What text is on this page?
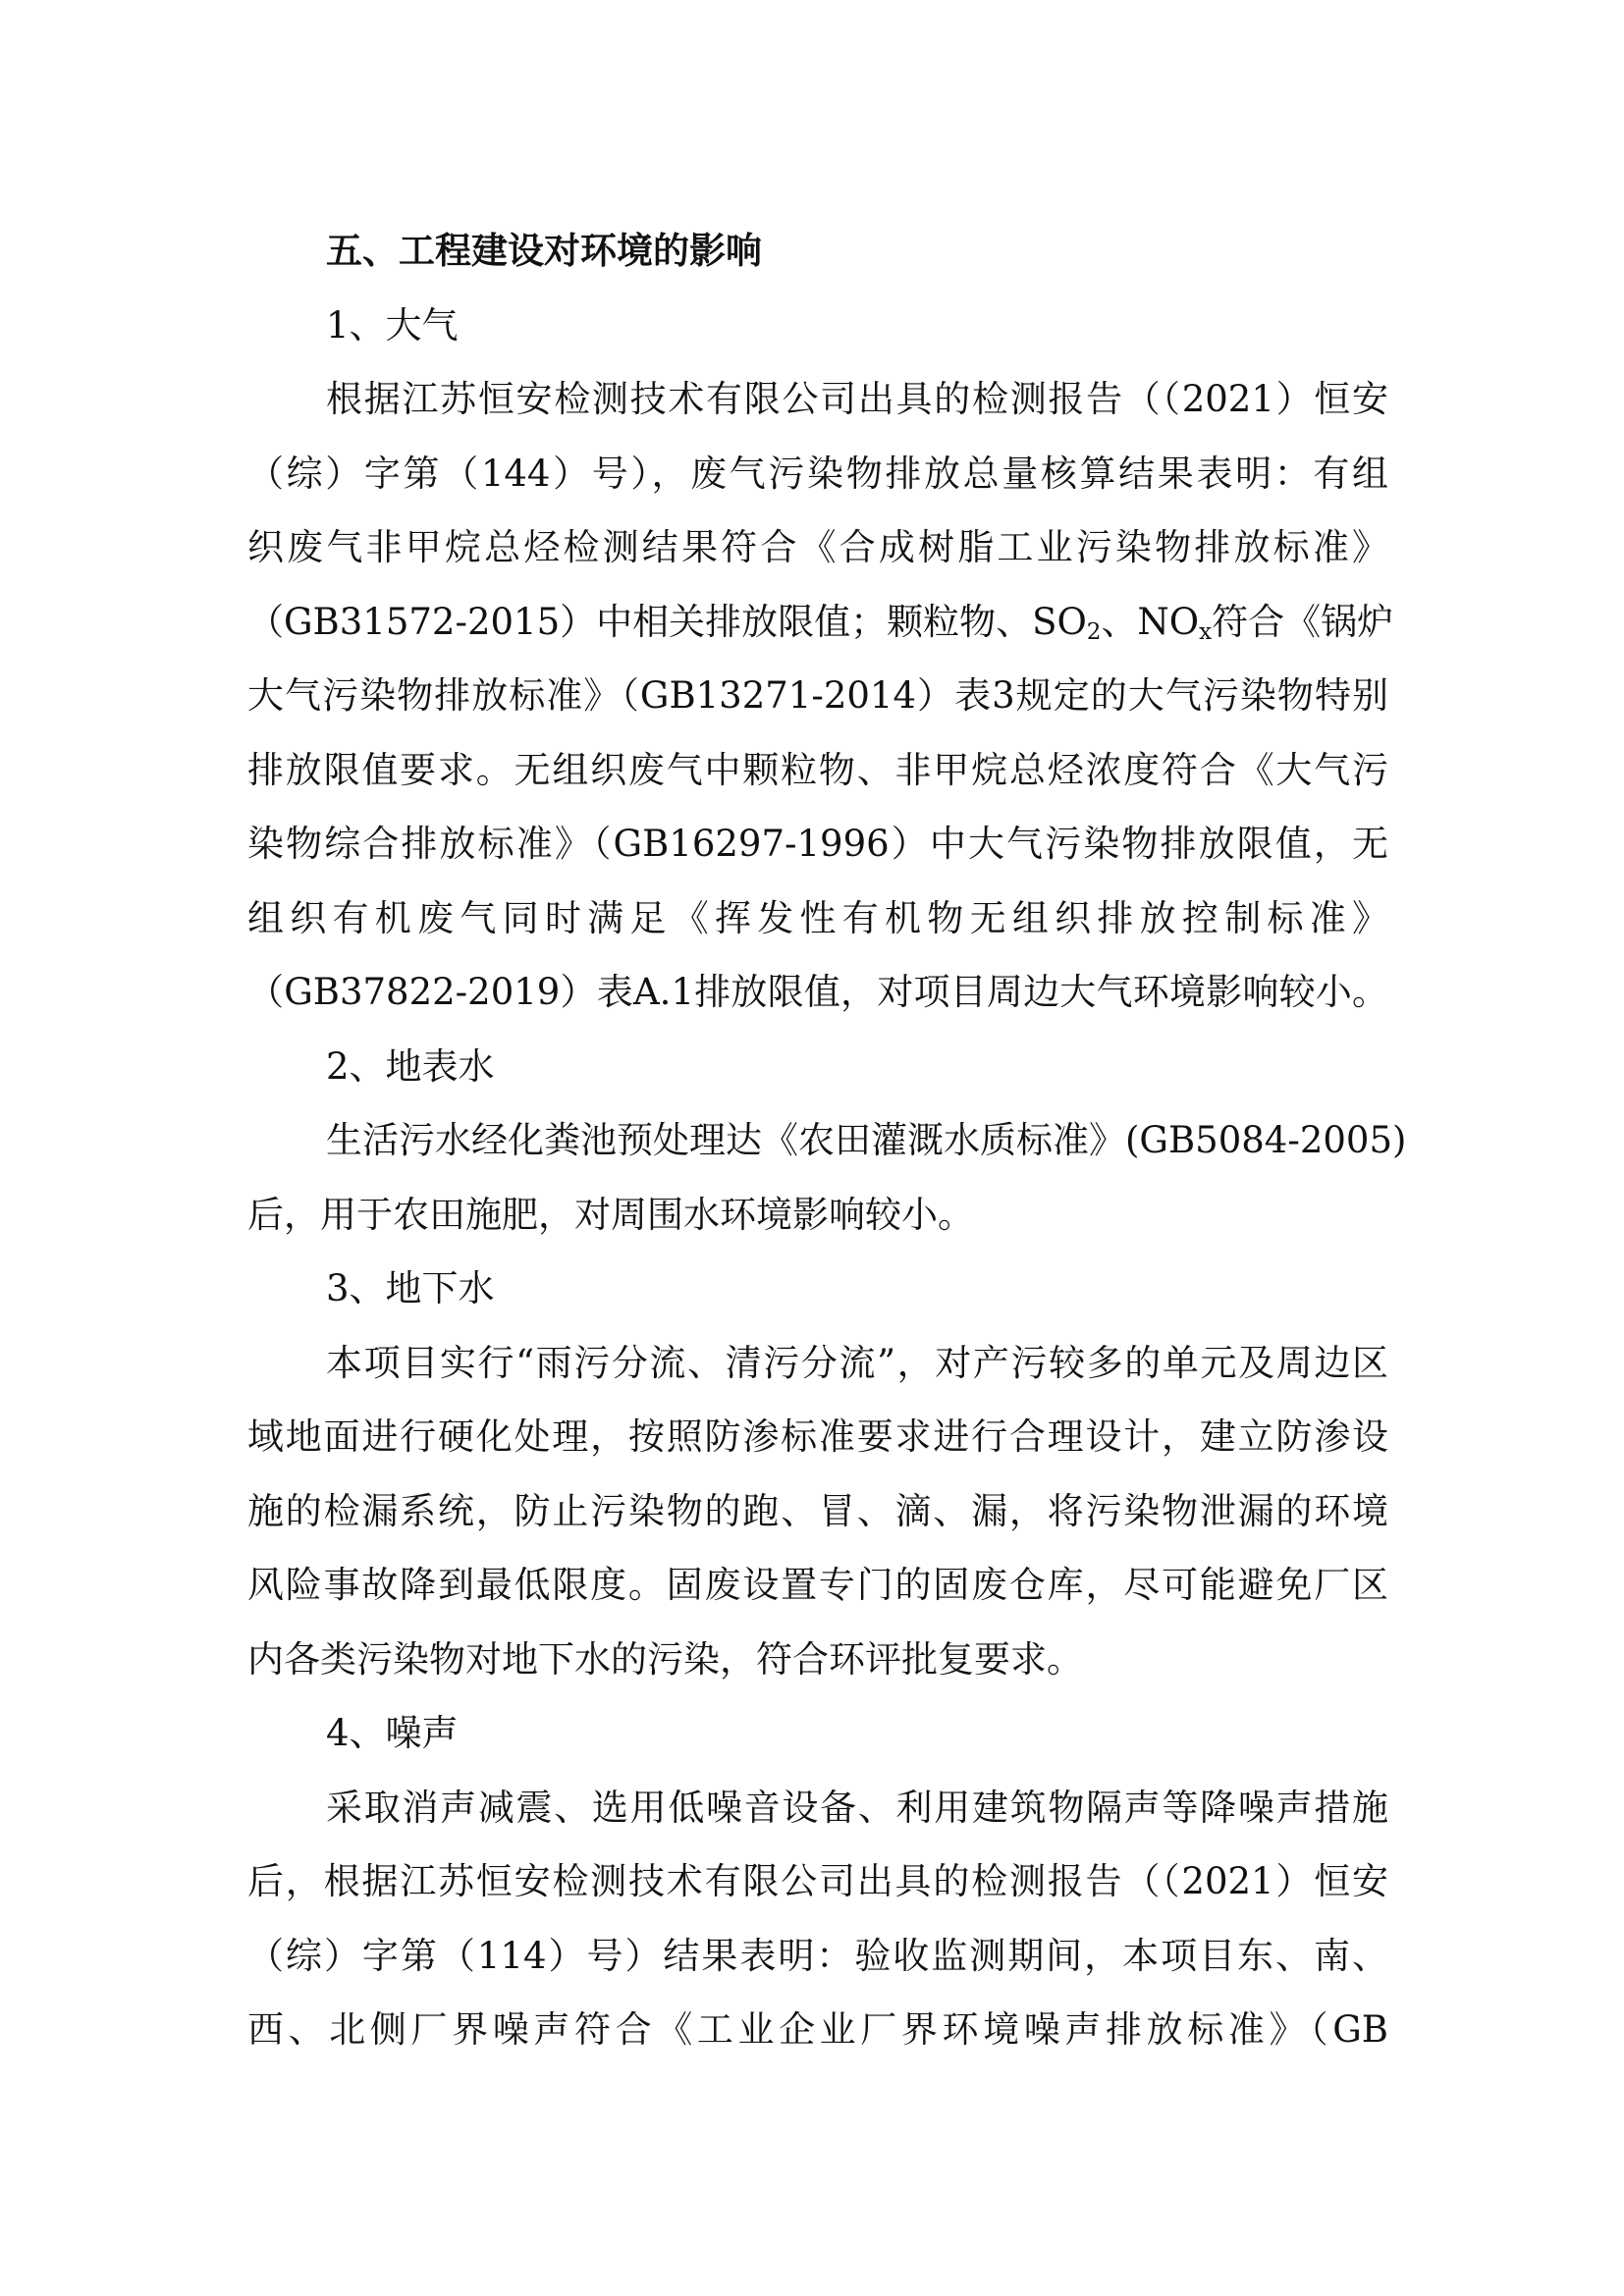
五、工程建设对环境的影响

1、大气

根据江苏恒安检测技术有限公司出具的检测报告（（2021）恒安

（综）字第（144）号），废气污染物排放总量核算结果表明：有组

织废气非甲烷总烃检测结果符合《合成树脂工业污染物排放标准》

（GB31572-2015）中相关排放限值；颗粒物、$SO_2$、$NO_x$符合《锅炉

大气污染物排放标准》（GB13271-2014）表3规定的大气污染物特别

排放限值要求。无组织废气中颗粒物、非甲烷总烃浓度符合《大气污

染物综合排放标准》（GB16297-1996）中大气污染物排放限值，无

组织有机废气同时满足《挥发性有机物无组织排放控制标准》

（GB37822-2019）表A.1排放限值，对项目周边大气环境影响较小。

2、地表水

生活污水经化粪池预处理达《农田灌溉水质标准》(GB5084-2005)

后，用于农田施肥，对周围水环境影响较小。

3、地下水

本项目实行“雨污分流、清污分流”，对产污较多的单元及周边区

域地面进行硬化处理，按照防渗标准要求进行合理设计，建立防渗设

施的检漏系统，防止污染物的跑、冒、滴、漏，将污染物泄漏的环境

风险事故降到最低限度。固废设置专门的固废仓库，尽可能避免厂区

内各类污染物对地下水的污染，符合环评批复要求。

4、噪声

采取消声减震、选用低噪音设备、利用建筑物隔声等降噪声措施

后，根据江苏恒安检测技术有限公司出具的检测报告（（2021）恒安

（综）字第（114）号）结果表明：验收监测期间，本项目东、南、

西、北侧厂界噪声符合《工业企业厂界环境噪声排放标准》（GB
